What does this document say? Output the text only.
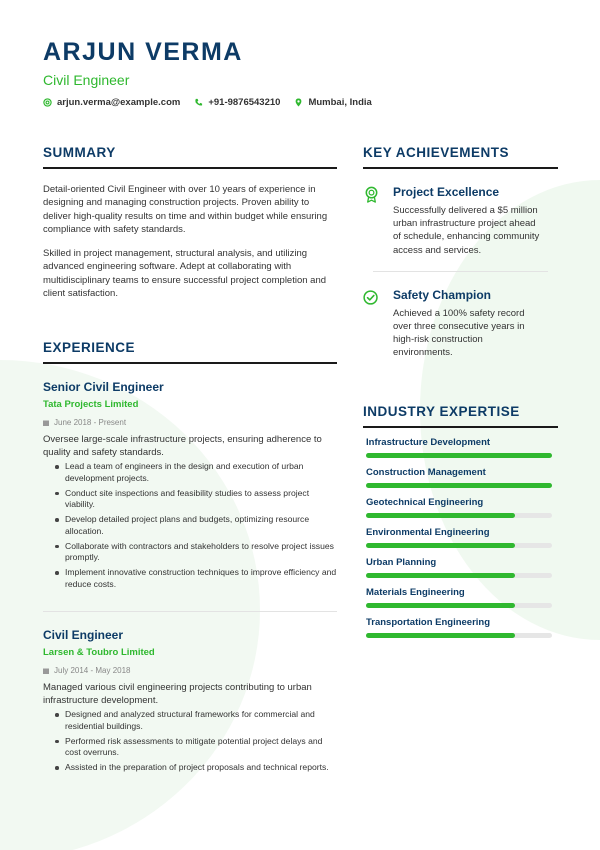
ARJUN VERMA
Civil Engineer
arjun.verma@example.com	+91-9876543210	Mumbai, India
SUMMARY

Detail-oriented Civil Engineer with over 10 years of experience in designing and managing construction projects. Proven ability to deliver high-quality results on time and within budget while ensuring compliance with safety standards.

Skilled in project management, structural analysis, and utilizing advanced engineering software. Adept at collaborating with multidisciplinary teams to ensure successful project completion and client satisfaction.

EXPERIENCE
Senior Civil Engineer
Tata Projects Limited
June 2018 - Present
Oversee large-scale infrastructure projects, ensuring adherence to quality and safety standards.
Lead a team of engineers in the design and execution of urban development projects.
Conduct site inspections and feasibility studies to assess project viability.
Develop detailed project plans and budgets, optimizing resource allocation.
Collaborate with contractors and stakeholders to resolve project issues promptly.
Implement innovative construction techniques to improve efficiency and reduce costs.
Civil Engineer
Larsen & Toubro Limited
July 2014 - May 2018
Managed various civil engineering projects contributing to urban infrastructure development.
Designed and analyzed structural frameworks for commercial and residential buildings.
Performed risk assessments to mitigate potential project delays and cost overruns.
Assisted in the preparation of project proposals and technical reports.
KEY ACHIEVEMENTS
Project Excellence
Successfully delivered a $5 million urban infrastructure project ahead of schedule, enhancing community access and services.
Safety Champion
Achieved a 100% safety record over three consecutive years in high-risk construction environments.
INDUSTRY EXPERTISE
Infrastructure Development
Construction Management
Geotechnical Engineering
Environmental Engineering
Urban Planning
Materials Engineering
Transportation Engineering
